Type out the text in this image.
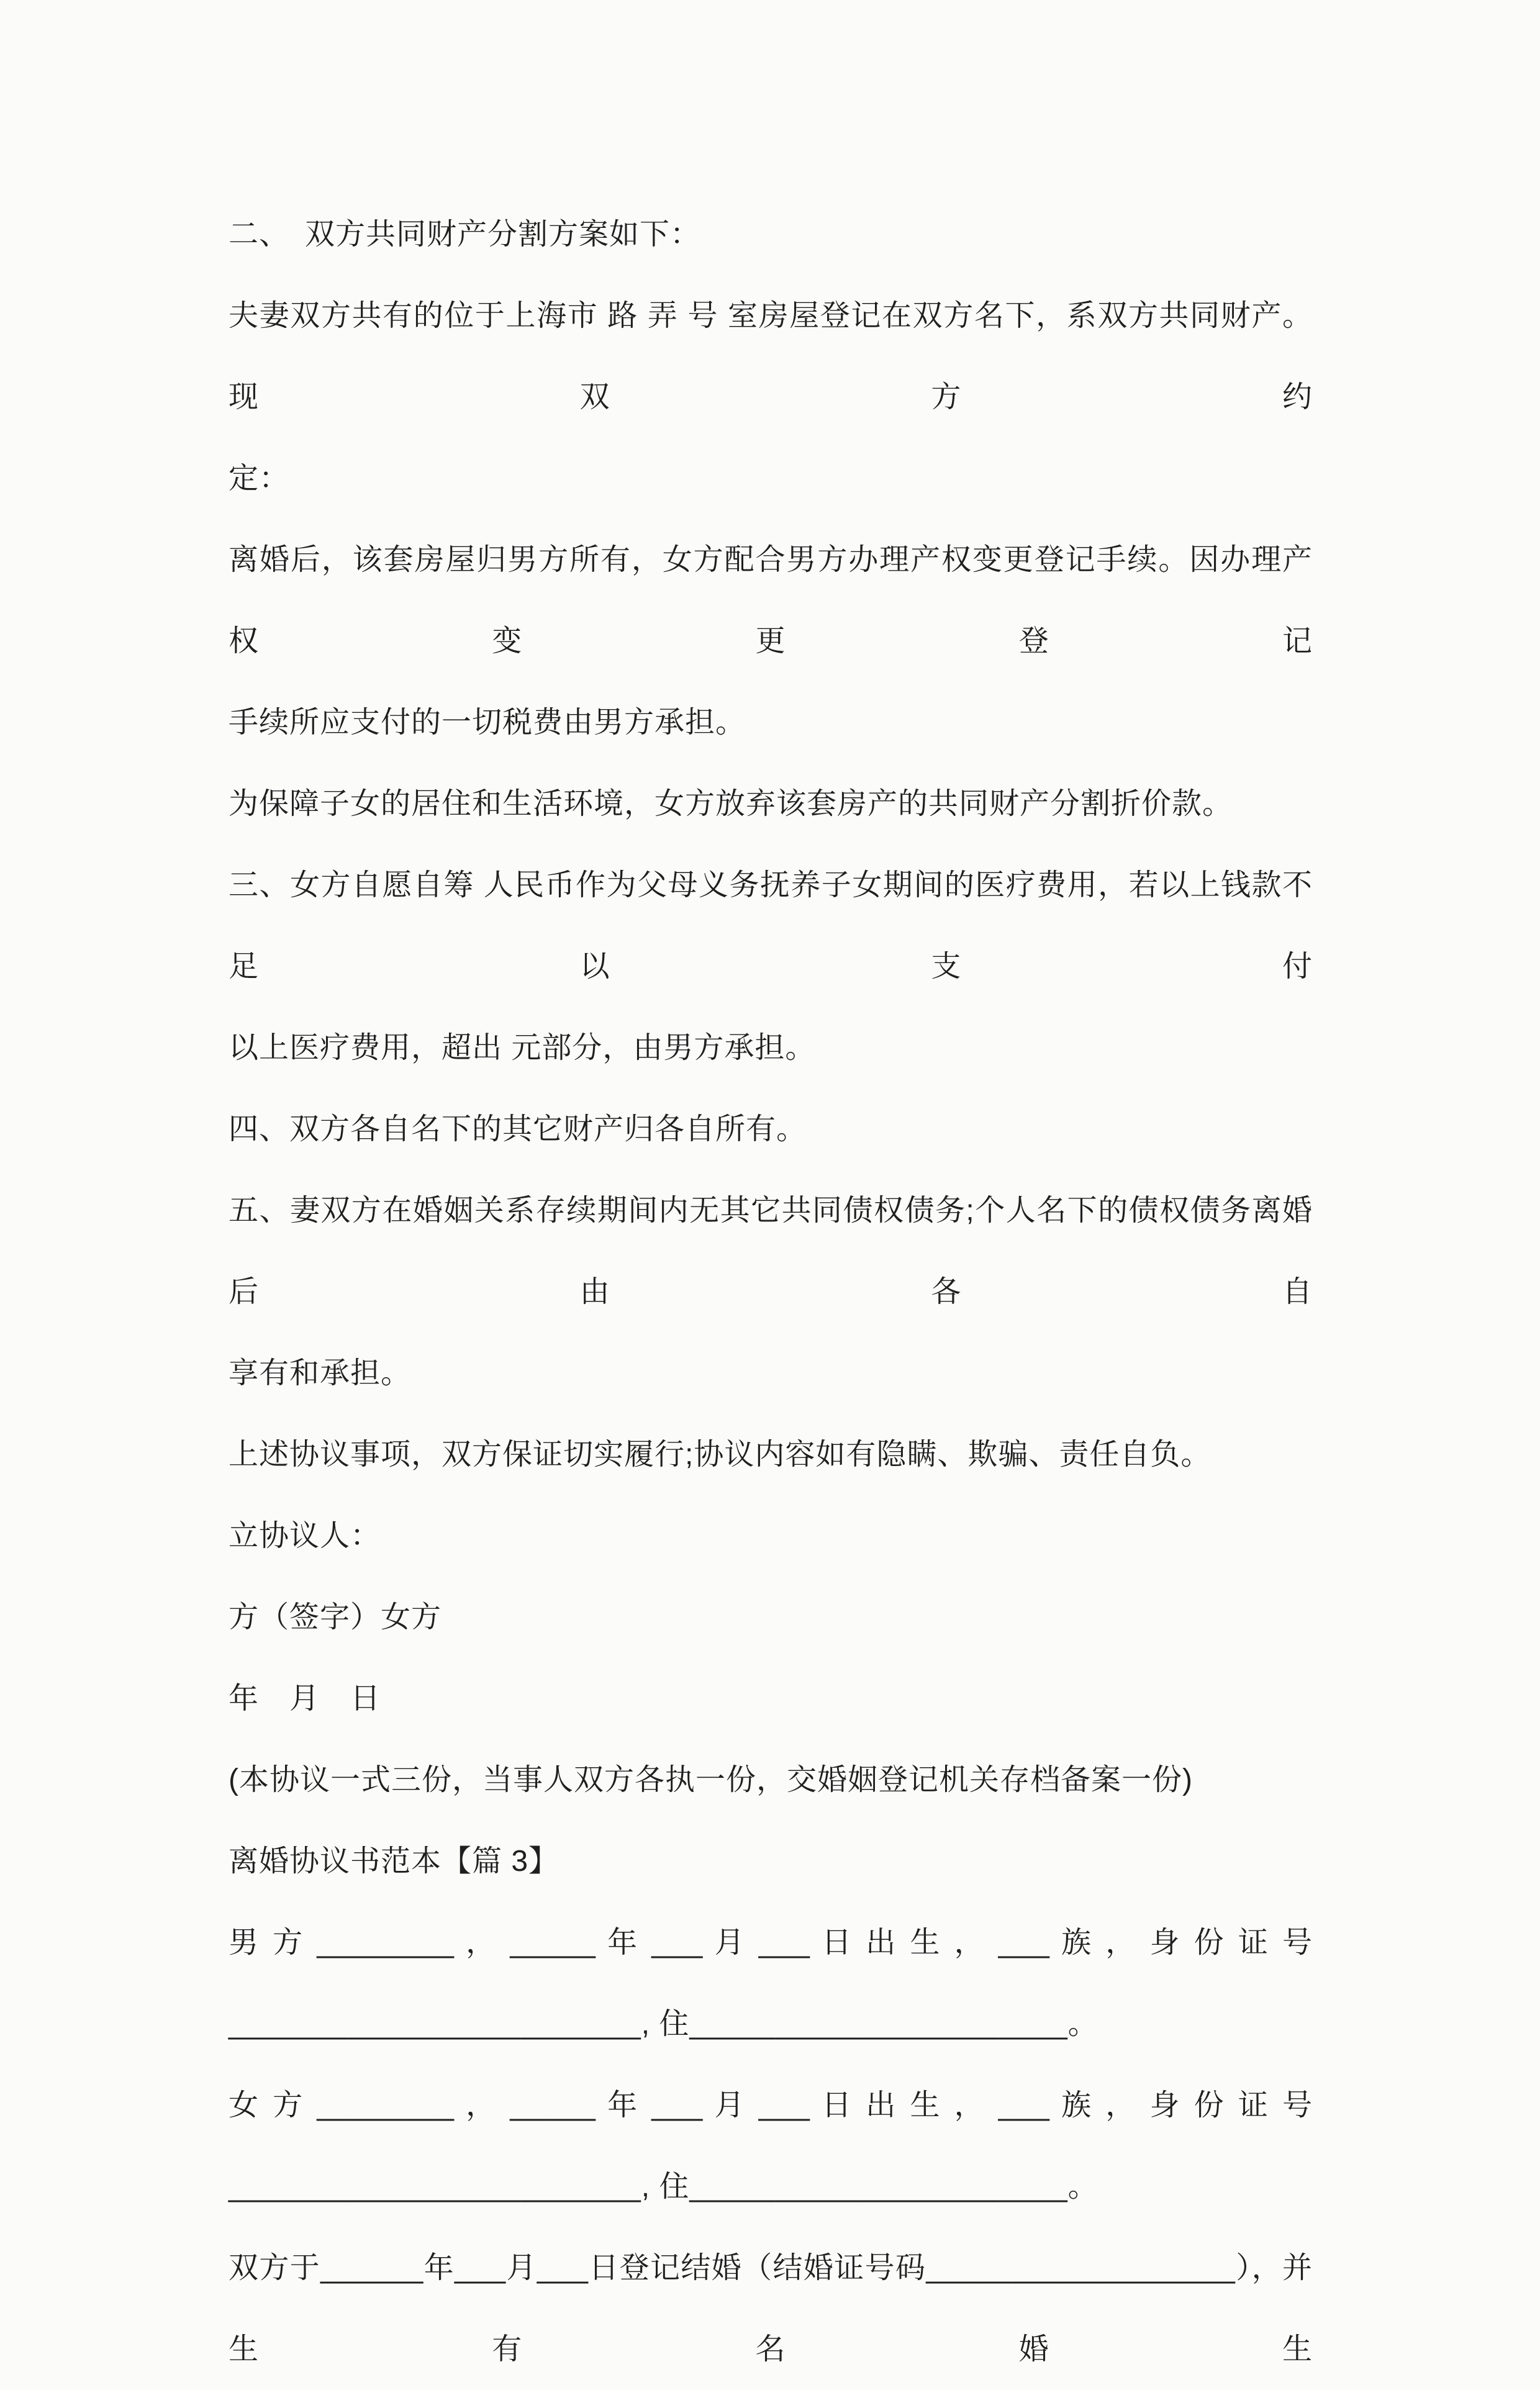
二、　双方共同财产分割方案如下：
夫妻双方共有的位于上海市 路 弄 号 室房屋登记在双方名下，系双方共同财产。现双方约
定：
离婚后，该套房屋归男方所有，女方配合男方办理产权变更登记手续。因办理产权变更登记
手续所应支付的一切税费由男方承担。
为保障子女的居住和生活环境，女方放弃该套房产的共同财产分割折价款。
三、女方自愿自筹 人民币作为父母义务抚养子女期间的医疗费用，若以上钱款不足以支付
以上医疗费用，超出 元部分，由男方承担。
四、双方各自名下的其它财产归各自所有。
五、妻双方在婚姻关系存续期间内无其它共同债权债务;个人名下的债权债务离婚后由各自
享有和承担。
上述协议事项，双方保证切实履行;协议内容如有隐瞒、欺骗、责任自负。
立协议人：
方（签字）女方
年　月　日
(本协议一式三份，当事人双方各执一份，交婚姻登记机关存档备案一份)
离婚协议书范本【篇 3】
男 方 ________ ， _____ 年 ___ 月 ___ 日 出 生 ， ___ 族 ， 身 份 证 号
________________________, 住______________________。
女 方 ________ ， _____ 年 ___ 月 ___ 日 出 生 ， ___ 族 ， 身 份 证 号
________________________, 住______________________。
双方于______年___月___日登记结婚（结婚证号码__________________），并生有名婚生
